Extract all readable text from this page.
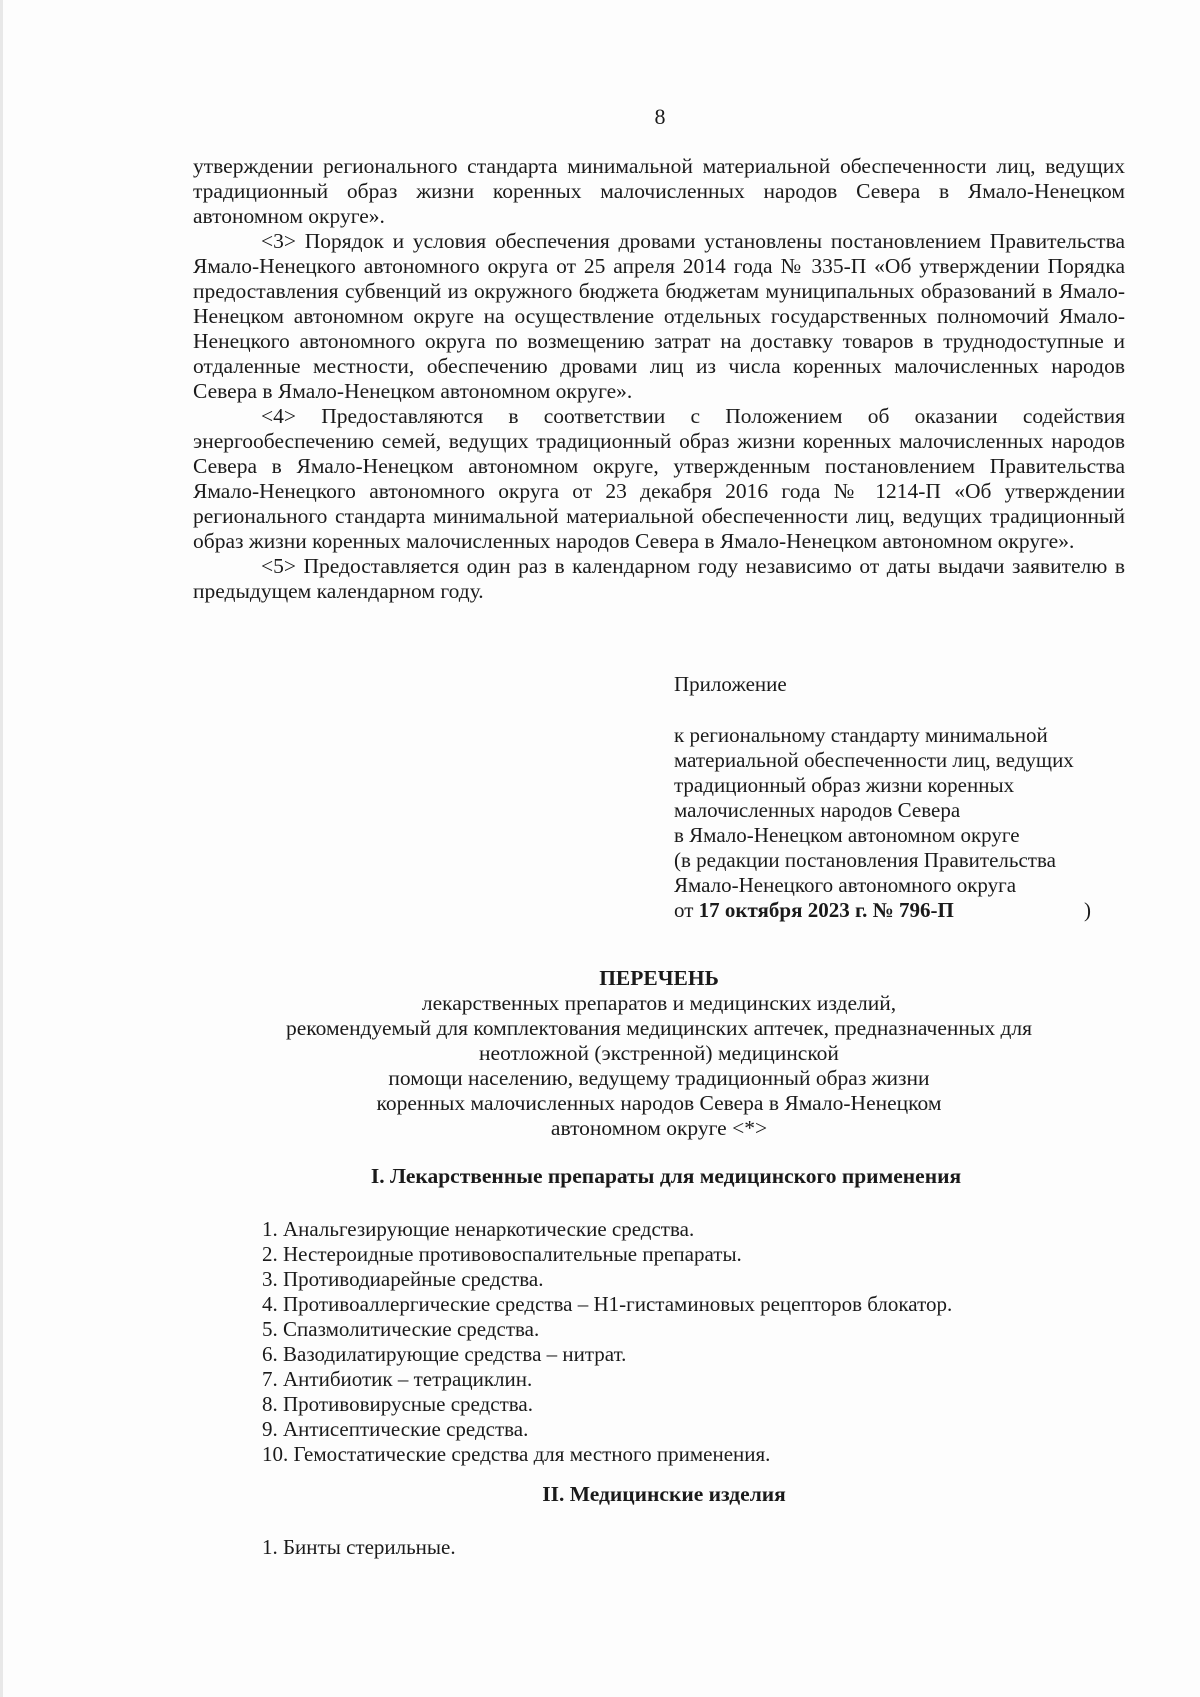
8

утверждении регионального стандарта минимальной материальной обеспеченности лиц, ведущих традиционный образ жизни коренных малочисленных народов Севера в Ямало-Ненецком автономном округе».

<3> Порядок и условия обеспечения дровами установлены постановлением Правительства Ямало-Ненецкого автономного округа от 25 апреля 2014 года № 335-П «Об утверждении Порядка предоставления субвенций из окружного бюджета бюджетам муниципальных образований в Ямало-Ненецком автономном округе на осуществление отдельных государственных полномочий Ямало-Ненецкого автономного округа по возмещению затрат на доставку товаров в труднодоступные и отдаленные местности, обеспечению дровами лиц из числа коренных малочисленных народов Севера в Ямало-Ненецком автономном округе».

<4> Предоставляются в соответствии с Положением об оказании содействия энергообеспечению семей, ведущих традиционный образ жизни коренных малочисленных народов Севера в Ямало-Ненецком автономном округе, утвержденным постановлением Правительства Ямало-Ненецкого автономного округа от 23 декабря 2016 года № 1214-П «Об утверждении регионального стандарта минимальной материальной обеспеченности лиц, ведущих традиционный образ жизни коренных малочисленных народов Севера в Ямало-Ненецком автономном округе».

<5> Предоставляется один раз в календарном году независимо от даты выдачи заявителю в предыдущем календарном году.

Приложение

к региональному стандарту минимальной
материальной обеспеченности лиц, ведущих
традиционный образ жизни коренных
малочисленных народов Севера
в Ямало-Ненецком автономном округе
(в редакции постановления Правительства
Ямало-Ненецкого автономного округа
от 17 октября 2023 г. № 796-П	)

ПЕРЕЧЕНЬ

лекарственных препаратов и медицинских изделий,
рекомендуемый для комплектования медицинских аптечек, предназначенных для
неотложной (экстренной) медицинской
помощи населению, ведущему традиционный образ жизни
коренных малочисленных народов Севера в Ямало-Ненецком
автономном округе <*>
I. Лекарственные препараты для медицинского применения
1. Анальгезирующие ненаркотические средства.
2. Нестероидные противовоспалительные препараты.
3. Противодиарейные средства.
4. Противоаллергические средства – Н1-гистаминовых рецепторов блокатор.
5. Спазмолитические средства.
6. Вазодилатирующие средства – нитрат.
7. Антибиотик – тетрациклин.
8. Противовирусные средства.
9. Антисептические средства.
10. Гемостатические средства для местного применения.
II. Медицинские изделия
1. Бинты стерильные.
